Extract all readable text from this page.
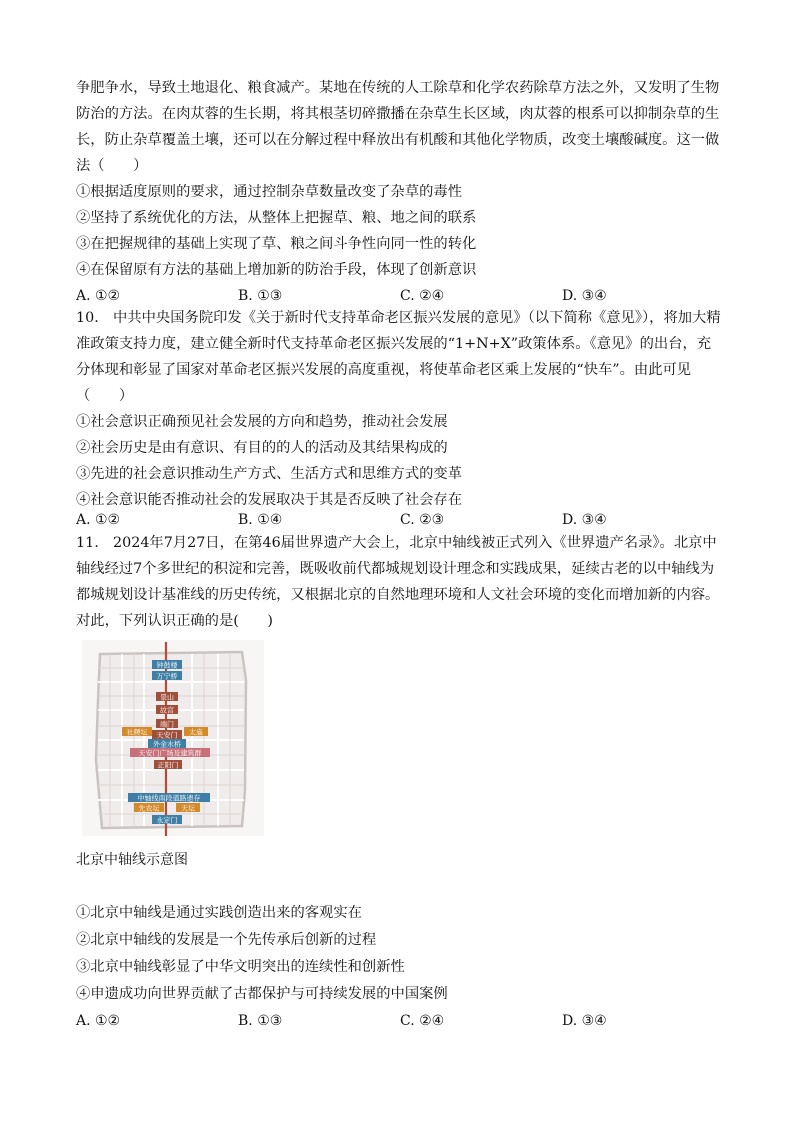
争肥争水，导致土地退化、粮食减产。某地在传统的人工除草和化学农药除草方法之外，又发明了生物防治的方法。在肉苁蓉的生长期，将其根茎切碎撒播在杂草生长区域，肉苁蓉的根系可以抑制杂草的生长，防止杂草覆盖土壤，还可以在分解过程中释放出有机酸和其他化学物质，改变土壤酸碱度。这一做法（　　）

①根据适度原则的要求，通过控制杂草数量改变了杂草的毒性
②坚持了系统优化的方法，从整体上把握草、粮、地之间的联系
③在把握规律的基础上实现了草、粮之间斗争性向同一性的转化
④在保留原有方法的基础上增加新的防治手段，体现了创新意识
A. ①②	B. ①③	C. ②④	D. ③④

10.　中共中央国务院印发《关于新时代支持革命老区振兴发展的意见》（以下简称《意见》），将加大精准政策支持力度，建立健全新时代支持革命老区振兴发展的“1+N+X”政策体系。《意见》的出台，充分体现和彰显了国家对革命老区振兴发展的高度重视，将使革命老区乘上发展的“快车”。由此可见（　　）

①社会意识正确预见社会发展的方向和趋势，推动社会发展
②社会历史是由有意识、有目的的人的活动及其结果构成的
③先进的社会意识推动生产方式、生活方式和思维方式的变革
④社会意识能否推动社会的发展取决于其是否反映了社会存在
A. ①②	B. ①④	C. ②③	D. ③④

11.　2024年7月27日，在第46届世界遗产大会上，北京中轴线被正式列入《世界遗产名录》。北京中轴线经过7个多世纪的积淀和完善，既吸收前代都城规划设计理念和实践成果，延续古老的以中轴线为都城规划设计基准线的历史传统，又根据北京的自然地理环境和人文社会环境的变化而增加新的内容。对此，下列认识正确的是(　　)

钟鼓楼
万宁桥
景山
故宫
端门
社稷坛	太庙
天安门
外金水桥
天安门广场及建筑群
正阳门
中轴线南段道路遗存
先农坛	天坛
永定门
北京中轴线示意图
①北京中轴线是通过实践创造出来的客观实在
②北京中轴线的发展是一个先传承后创新的过程
③北京中轴线彰显了中华文明突出的连续性和创新性
④申遗成功向世界贡献了古都保护与可持续发展的中国案例
A. ①②	B. ①③	C. ②④	D. ③④
